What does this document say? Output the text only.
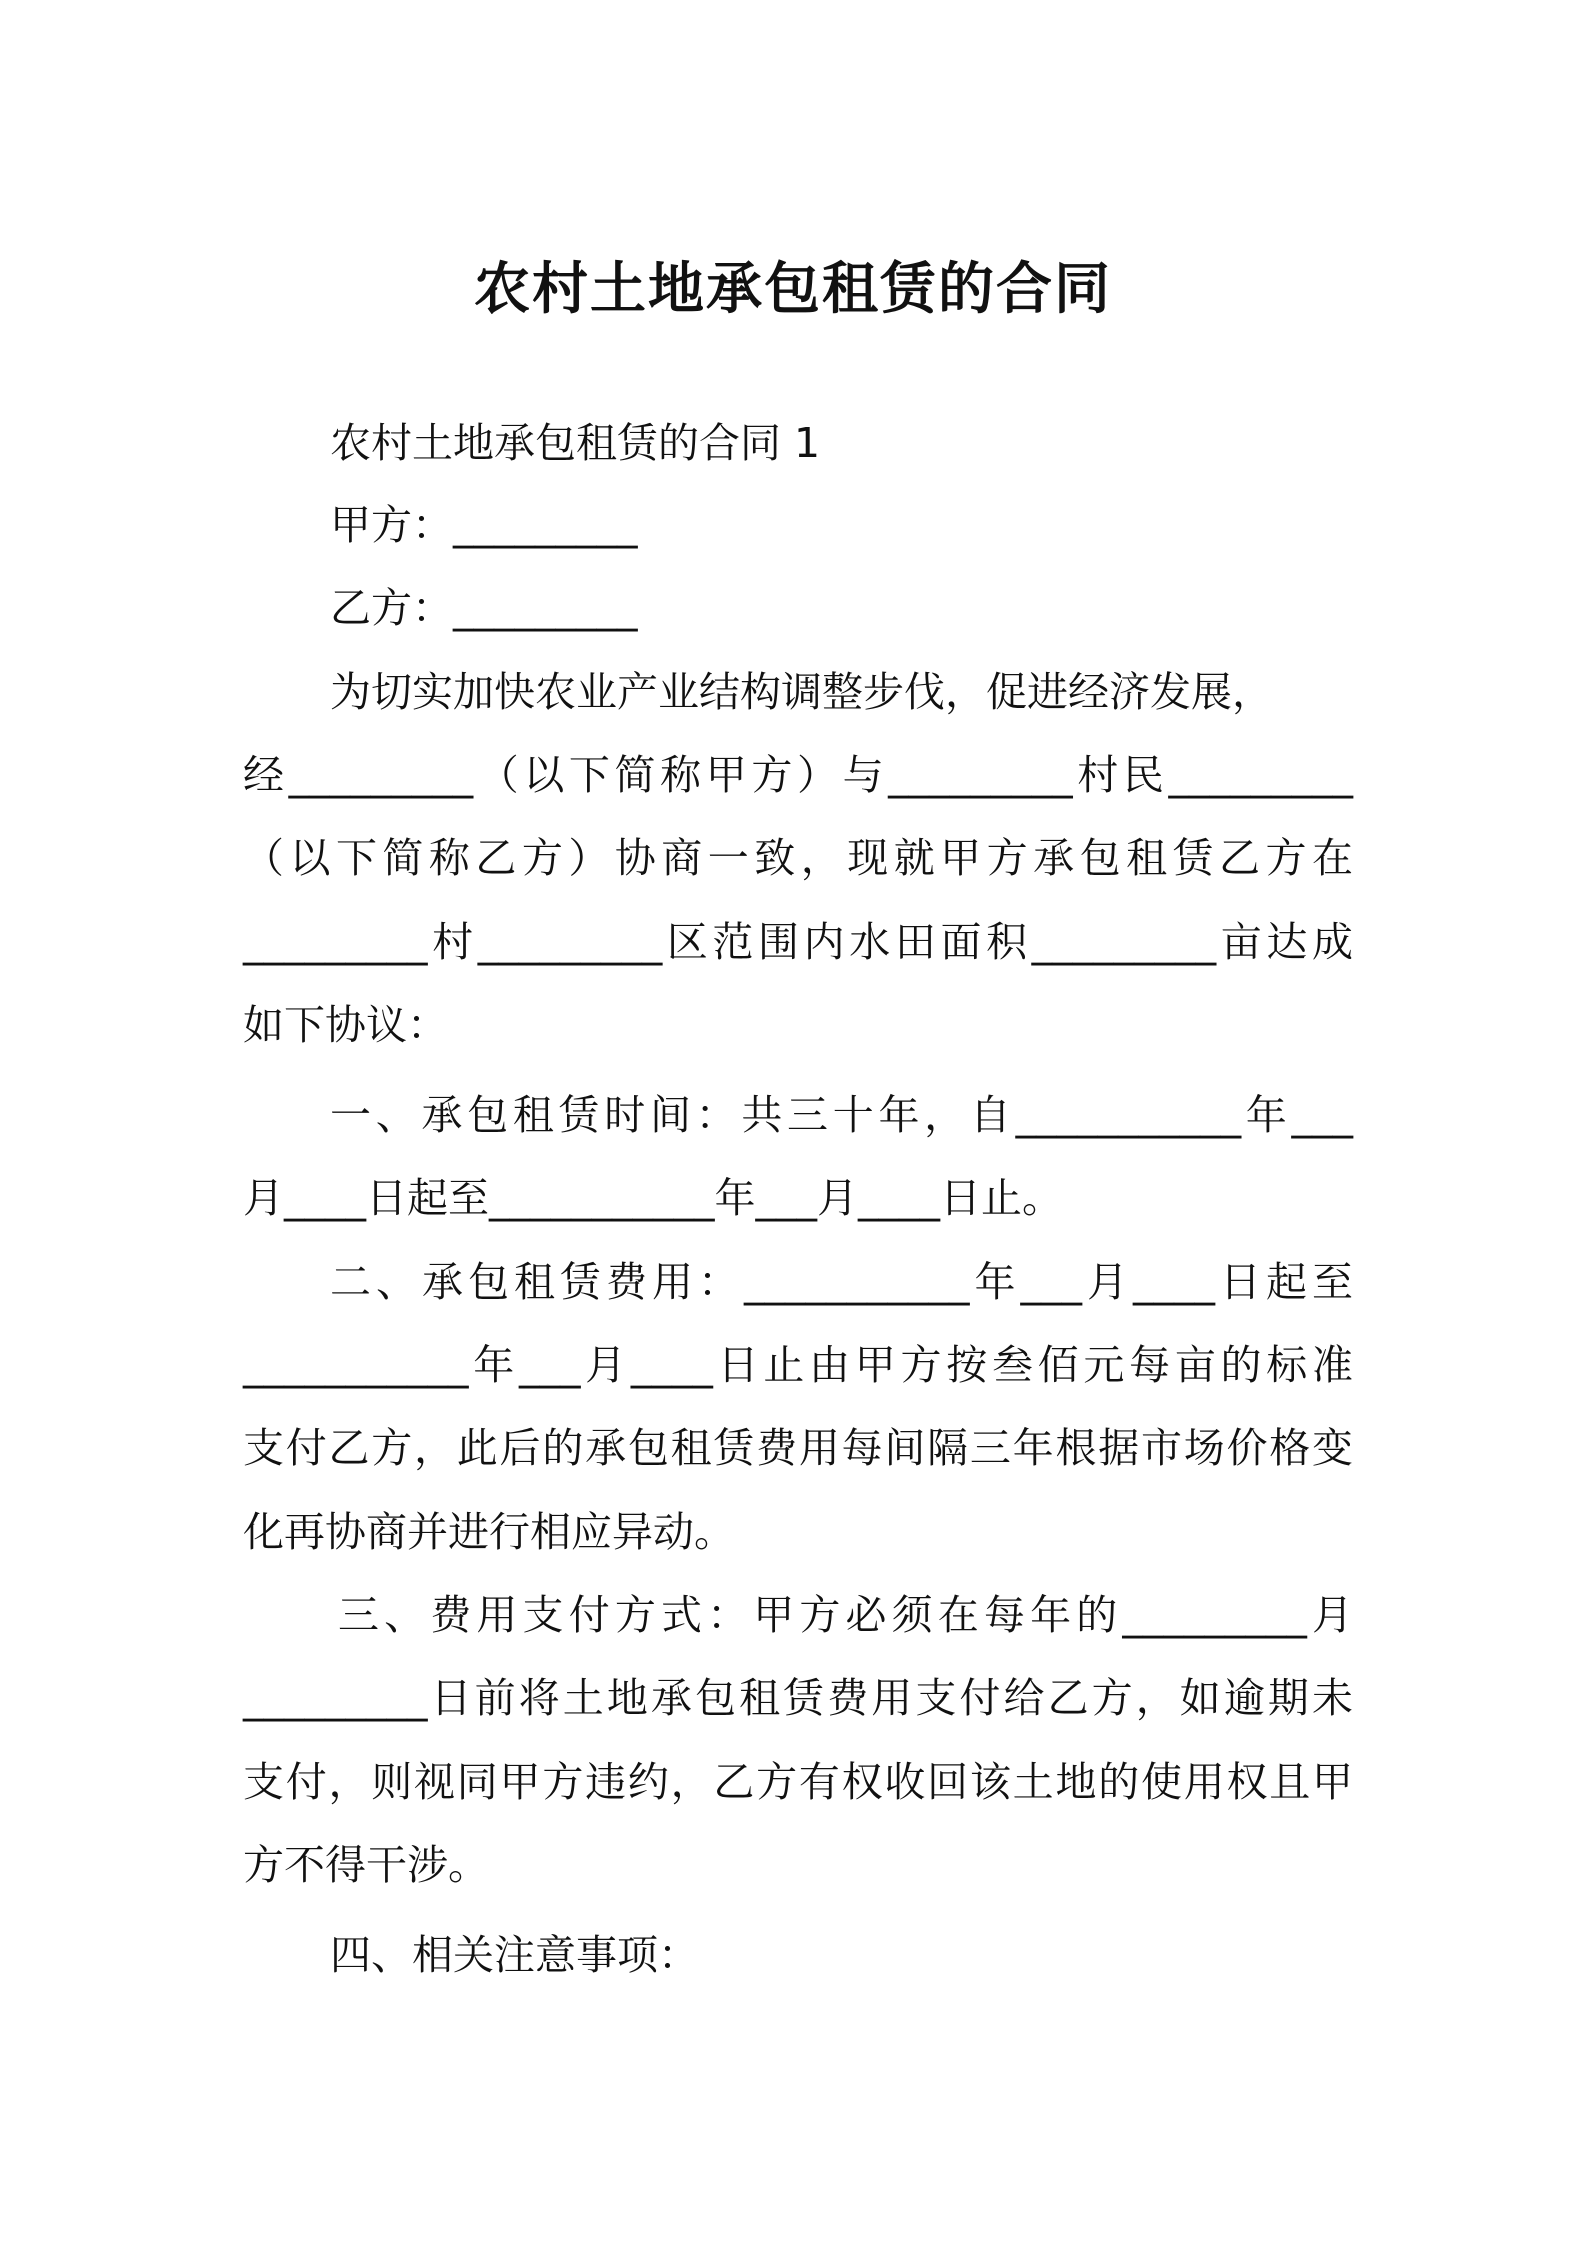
农村土地承包租赁的合同
农村土地承包租赁的合同 1
甲方：_________
乙方：_________
为切实加快农业产业结构调整步伐，促进经济发展，
经_________（以下简称甲方）与_________村民_________
（以下简称乙方）协商一致，现就甲方承包租赁乙方在
_________村_________区范围内水田面积_________亩达成
如下协议：
一、承包租赁时间：共三十年，自___________年___
月____日起至___________年___月____日止。
二、承包租赁费用：___________年___月____日起至
___________年___月____日止由甲方按叁佰元每亩的标准
支付乙方，此后的承包租赁费用每间隔三年根据市场价格变
化再协商并进行相应异动。
三、费用支付方式：甲方必须在每年的_________月
_________日前将土地承包租赁费用支付给乙方，如逾期未
支付，则视同甲方违约，乙方有权收回该土地的使用权且甲
方不得干涉。
四、相关注意事项：
